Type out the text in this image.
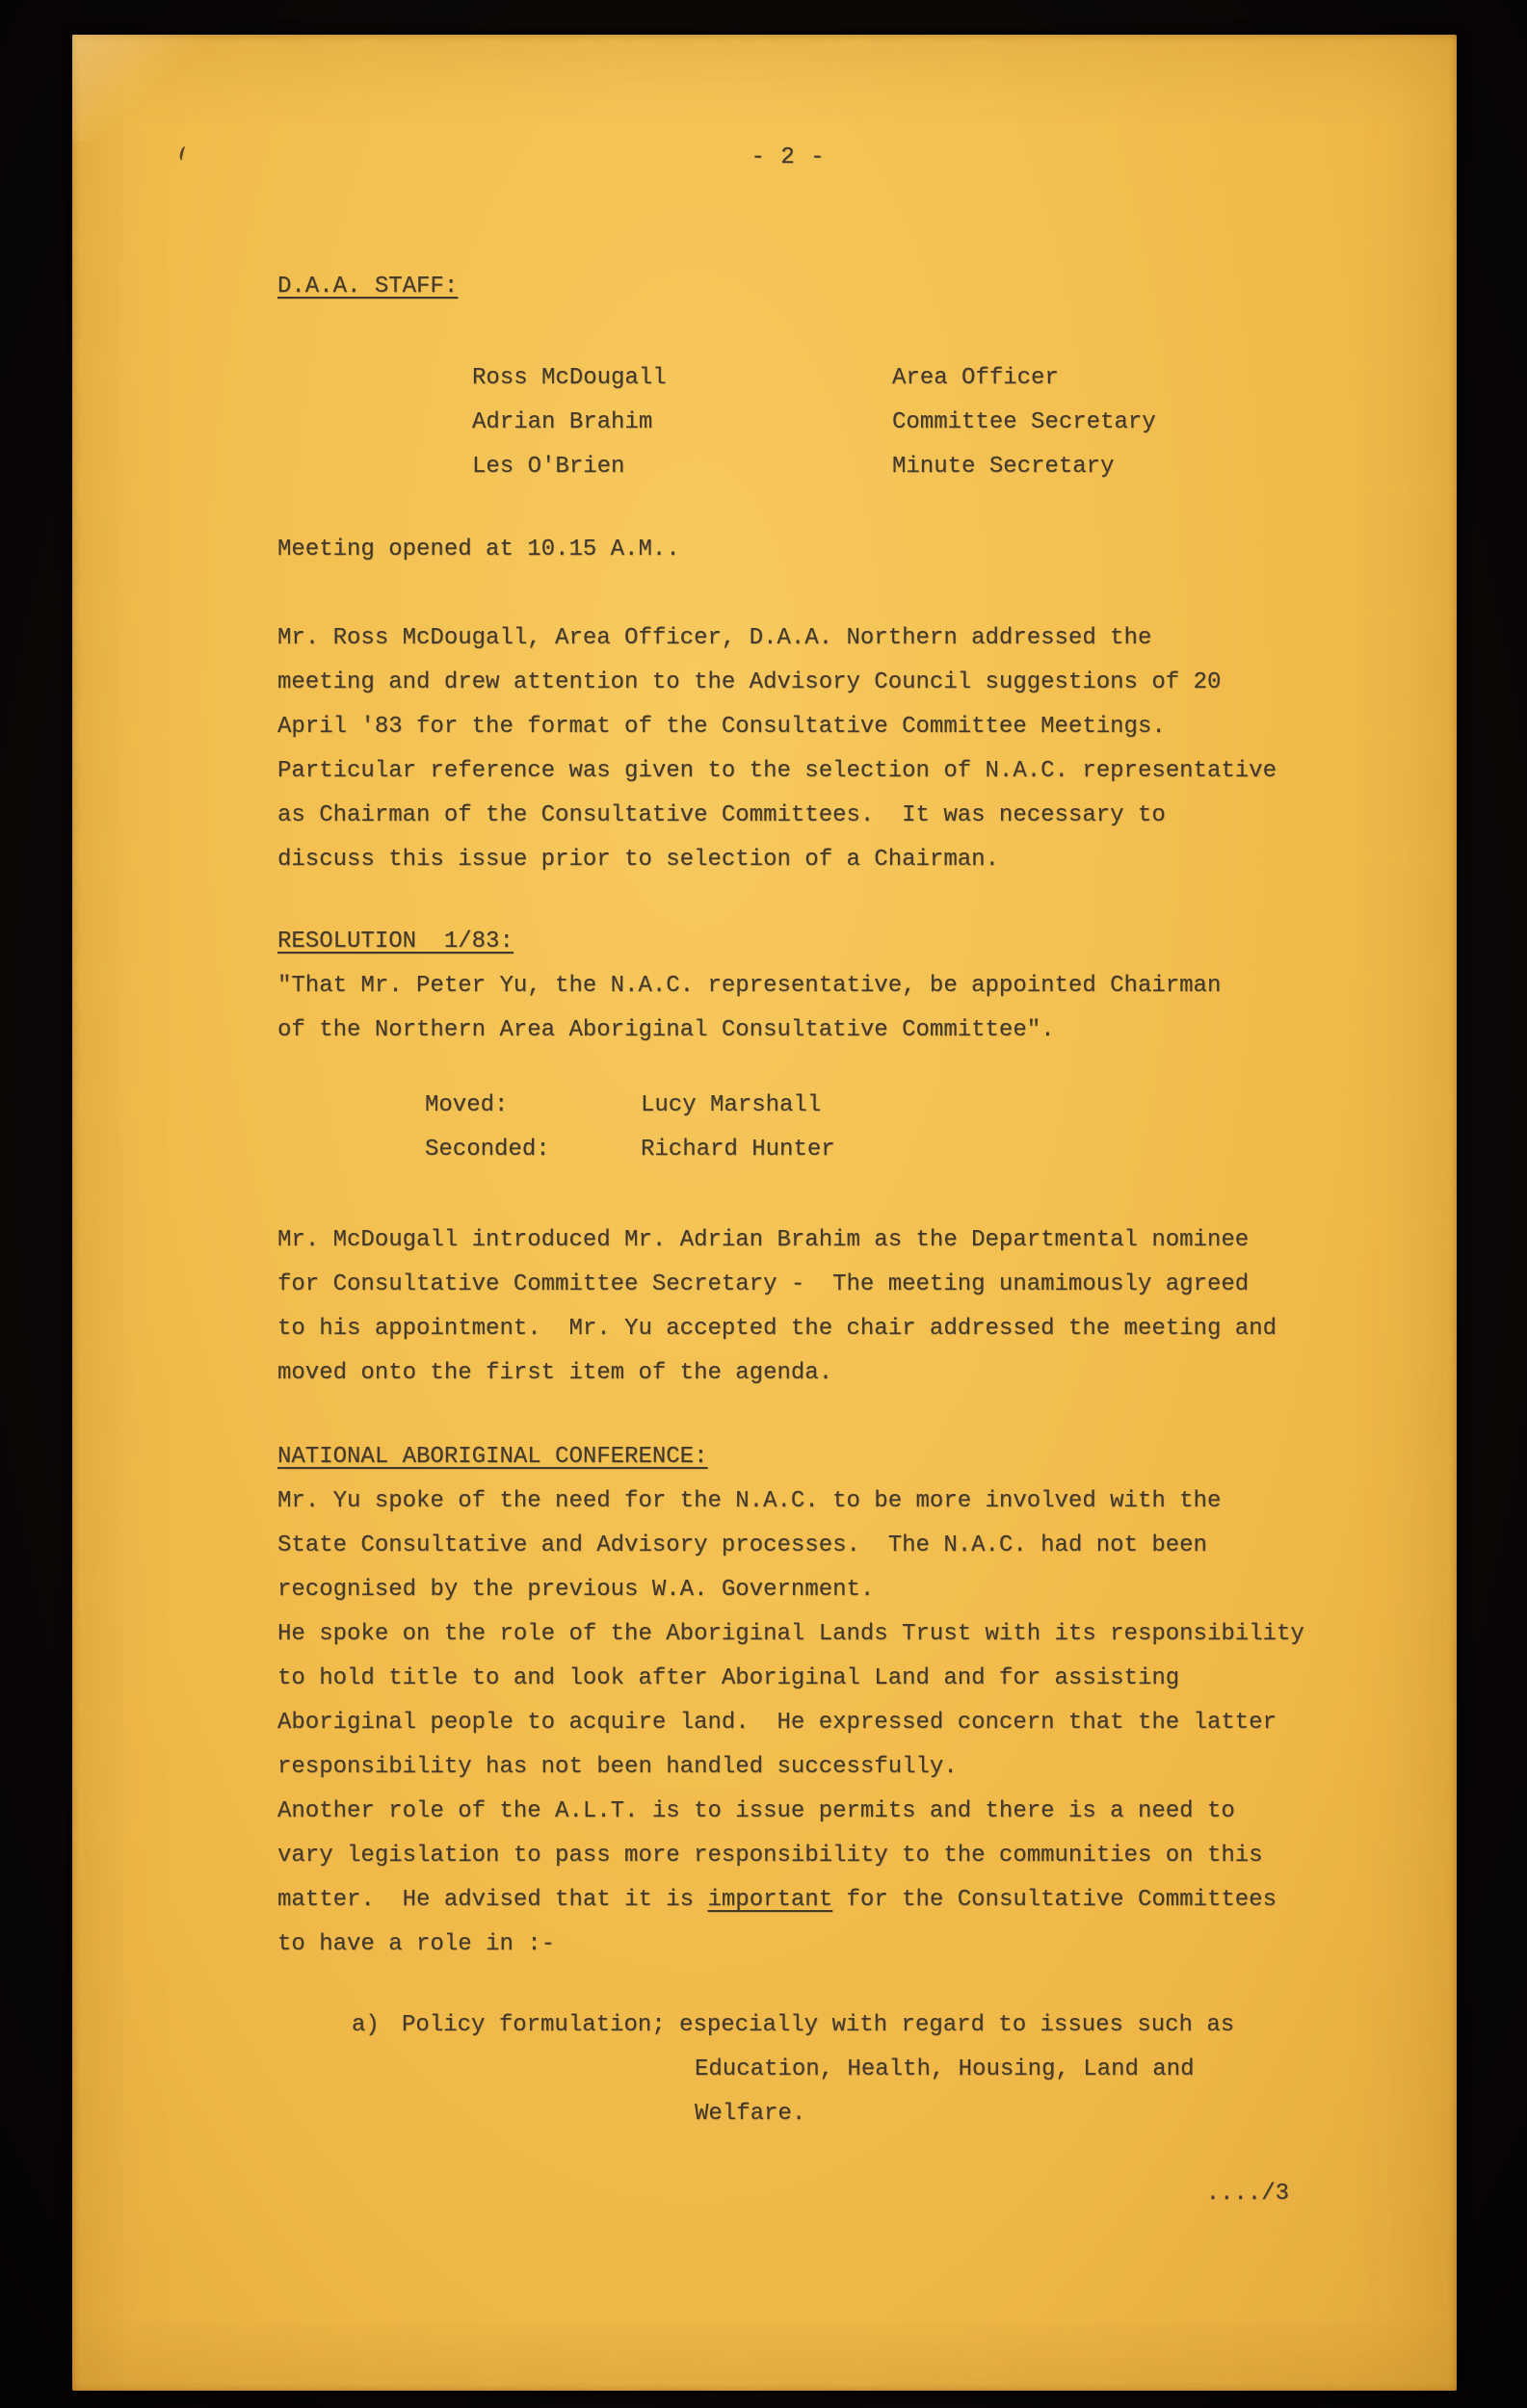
- 2 -
D.A.A. STAFF:
Ross McDougall	Area Officer
Adrian Brahim	Committee Secretary
Les O'Brien	Minute Secretary
Meeting opened at 10.15 A.M..
Mr. Ross McDougall, Area Officer, D.A.A. Northern addressed the
meeting and drew attention to the Advisory Council suggestions of 20
April '83 for the format of the Consultative Committee Meetings.
Particular reference was given to the selection of N.A.C. representative
as Chairman of the Consultative Committees.  It was necessary to
discuss this issue prior to selection of a Chairman.
RESOLUTION  1/83:
"That Mr. Peter Yu, the N.A.C. representative, be appointed Chairman
of the Northern Area Aboriginal Consultative Committee".
Moved:	Lucy Marshall
Seconded:	Richard Hunter
Mr. McDougall introduced Mr. Adrian Brahim as the Departmental nominee
for Consultative Committee Secretary -  The meeting unamimously agreed
to his appointment.  Mr. Yu accepted the chair addressed the meeting and
moved onto the first item of the agenda.
NATIONAL ABORIGINAL CONFERENCE:
Mr. Yu spoke of the need for the N.A.C. to be more involved with the
State Consultative and Advisory processes.  The N.A.C. had not been
recognised by the previous W.A. Government.
He spoke on the role of the Aboriginal Lands Trust with its responsibility
to hold title to and look after Aboriginal Land and for assisting
Aboriginal people to acquire land.  He expressed concern that the latter
responsibility has not been handled successfully.
Another role of the A.L.T. is to issue permits and there is a need to
vary legislation to pass more responsibility to the communities on this
matter.  He advised that it is important for the Consultative Committees
to have a role in :-
a) Policy formulation; especially with regard to issues such as
Education, Health, Housing, Land and
Welfare.
..../3
